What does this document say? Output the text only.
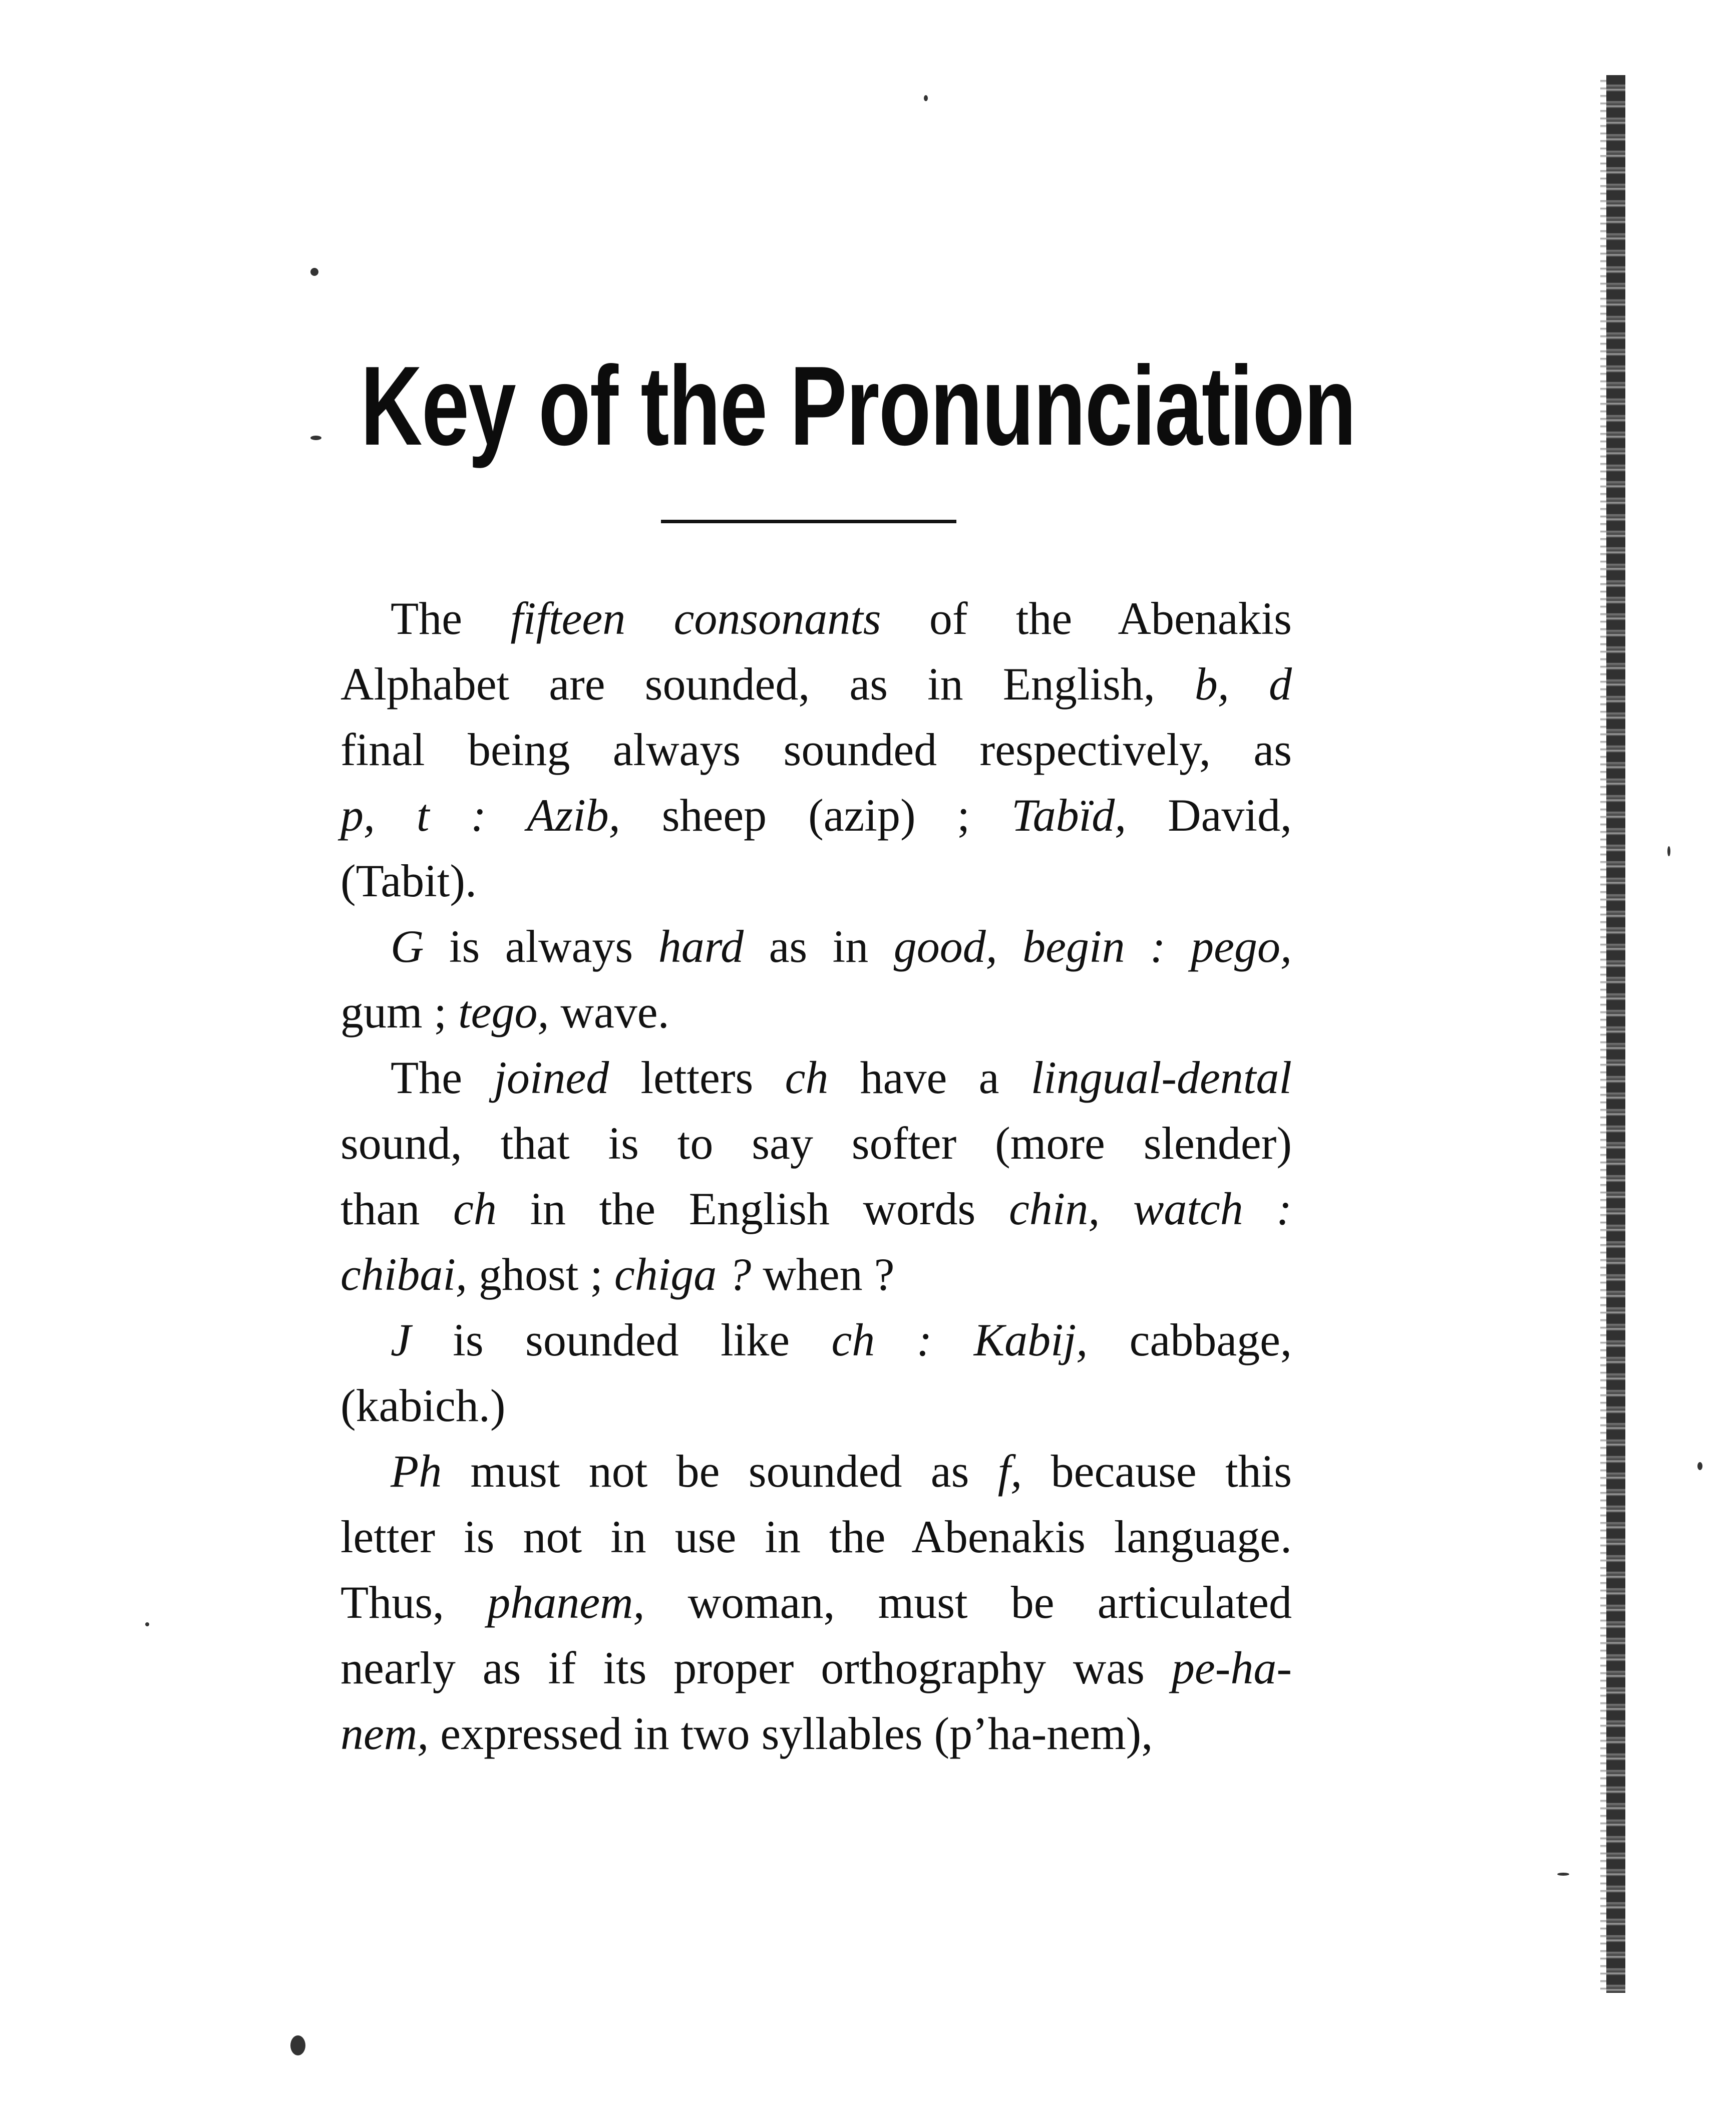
Key of the Pronunciation
The fifteen consonants of the Abenakis
Alphabet are sounded, as in English, b, d
final being always sounded respectively, as
p, t : Azib, sheep (azip) ; Tabïd, David,
(Tabit).
G is always hard as in good, begin : pego,
gum ; tego, wave.
The joined letters ch have a lingual-dental
sound, that is to say softer (more slender)
than ch in the English words chin, watch :
chibai, ghost ; chiga ? when ?
J is sounded like ch : Kabij, cabbage,
(kabich.)
Ph must not be sounded as f, because this
letter is not in use in the Abenakis language.
Thus, phanem, woman, must be articulated
nearly as if its proper orthography was pe-ha-
nem, expressed in two syllables (p’ha-nem),
